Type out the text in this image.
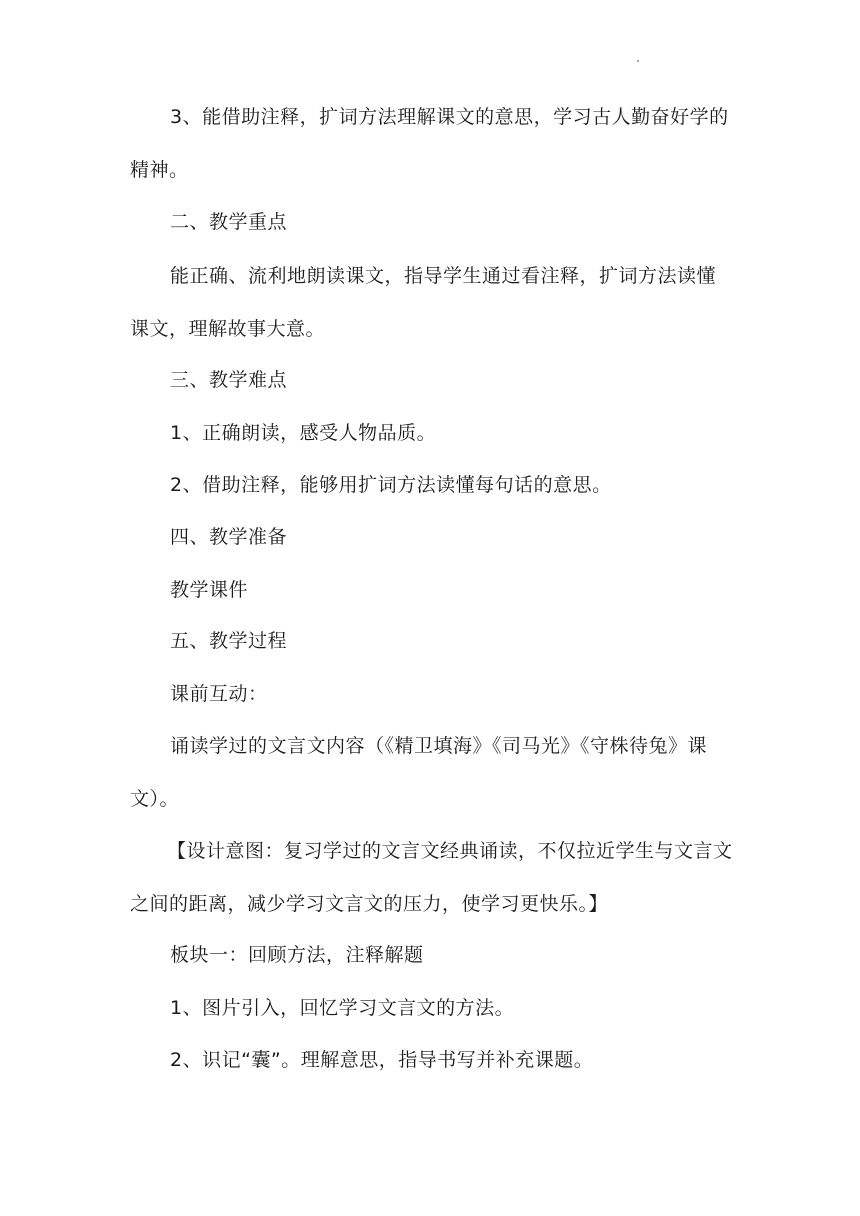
3、能借助注释，扩词方法理解课文的意思，学习古人勤奋好学的精神。

二、教学重点

能正确、流利地朗读课文，指导学生通过看注释，扩词方法读懂课文，理解故事大意。

三、教学难点

1、正确朗读，感受人物品质。

2、借助注释，能够用扩词方法读懂每句话的意思。

四、教学准备

教学课件

五、教学过程

课前互动：

诵读学过的文言文内容（《精卫填海》《司马光》《守株待兔》课文）。

【设计意图：复习学过的文言文经典诵读，不仅拉近学生与文言文之间的距离，减少学习文言文的压力，使学习更快乐。】

板块一：回顾方法，注释解题

1、图片引入，回忆学习文言文的方法。

2、识记“囊”。理解意思，指导书写并补充课题。
